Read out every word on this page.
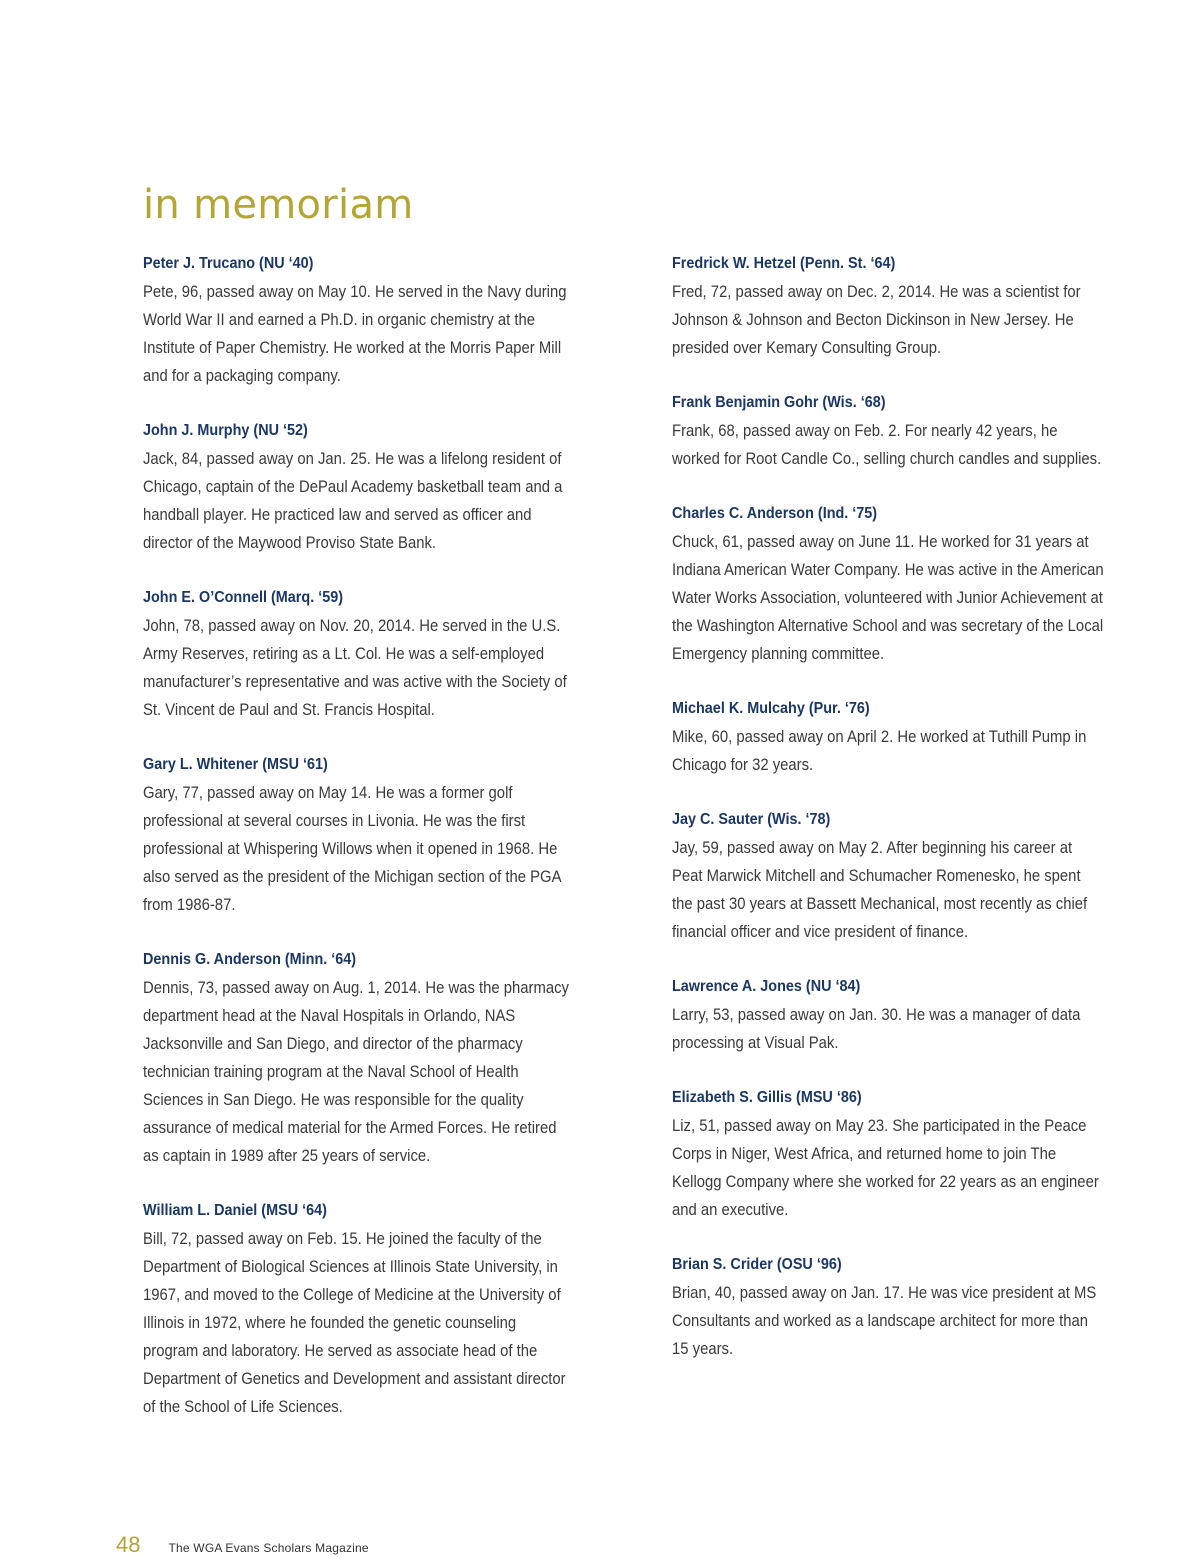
in memoriam

Peter J. Trucano (NU ‘40)

Pete, 96, passed away on May 10. He served in the Navy during World War II and earned a Ph.D. in organic chemistry at the Institute of Paper Chemistry. He worked at the Morris Paper Mill and for a packaging company.

John J. Murphy (NU ‘52)

Jack, 84, passed away on Jan. 25. He was a lifelong resident of Chicago, captain of the DePaul Academy basketball team and a handball player. He practiced law and served as officer and director of the Maywood Proviso State Bank.

John E. O’Connell (Marq. ‘59)

John, 78, passed away on Nov. 20, 2014. He served in the U.S. Army Reserves, retiring as a Lt. Col. He was a self-employed manufacturer’s representative and was active with the Society of St. Vincent de Paul and St. Francis Hospital.

Gary L. Whitener (MSU ‘61)

Gary, 77, passed away on May 14. He was a former golf professional at several courses in Livonia. He was the first professional at Whispering Willows when it opened in 1968. He also served as the president of the Michigan section of the PGA from 1986-87.

Dennis G. Anderson (Minn. ‘64)

Dennis, 73, passed away on Aug. 1, 2014. He was the pharmacy department head at the Naval Hospitals in Orlando, NAS Jacksonville and San Diego, and director of the pharmacy technician training program at the Naval School of Health Sciences in San Diego. He was responsible for the quality assurance of medical material for the Armed Forces. He retired as captain in 1989 after 25 years of service.

William L. Daniel (MSU ‘64)

Bill, 72, passed away on Feb. 15. He joined the faculty of the Department of Biological Sciences at Illinois State University, in 1967, and moved to the College of Medicine at the University of Illinois in 1972, where he founded the genetic counseling program and laboratory. He served as associate head of the Department of Genetics and Development and assistant director of the School of Life Sciences.

Fredrick W. Hetzel (Penn. St. ‘64)

Fred, 72, passed away on Dec. 2, 2014. He was a scientist for Johnson & Johnson and Becton Dickinson in New Jersey. He presided over Kemary Consulting Group.

Frank Benjamin Gohr (Wis. ‘68)

Frank, 68, passed away on Feb. 2. For nearly 42 years, he worked for Root Candle Co., selling church candles and supplies.

Charles C. Anderson (Ind. ‘75)

Chuck, 61, passed away on June 11. He worked for 31 years at Indiana American Water Company. He was active in the American Water Works Association, volunteered with Junior Achievement at the Washington Alternative School and was secretary of the Local Emergency planning committee.

Michael K. Mulcahy (Pur. ‘76)

Mike, 60, passed away on April 2. He worked at Tuthill Pump in Chicago for 32 years.

Jay C. Sauter (Wis. ‘78)

Jay, 59, passed away on May 2. After beginning his career at Peat Marwick Mitchell and Schumacher Romenesko, he spent the past 30 years at Bassett Mechanical, most recently as chief financial officer and vice president of finance.

Lawrence A. Jones (NU ‘84)

Larry, 53, passed away on Jan. 30. He was a manager of data processing at Visual Pak.

Elizabeth S. Gillis (MSU ‘86)

Liz, 51, passed away on May 23. She participated in the Peace Corps in Niger, West Africa, and returned home to join The Kellogg Company where she worked for 22 years as an engineer and an executive.

Brian S. Crider (OSU ‘96)

Brian, 40, passed away on Jan. 17. He was vice president at MS Consultants and worked as a landscape architect for more than 15 years.

48 The WGA Evans Scholars Magazine
